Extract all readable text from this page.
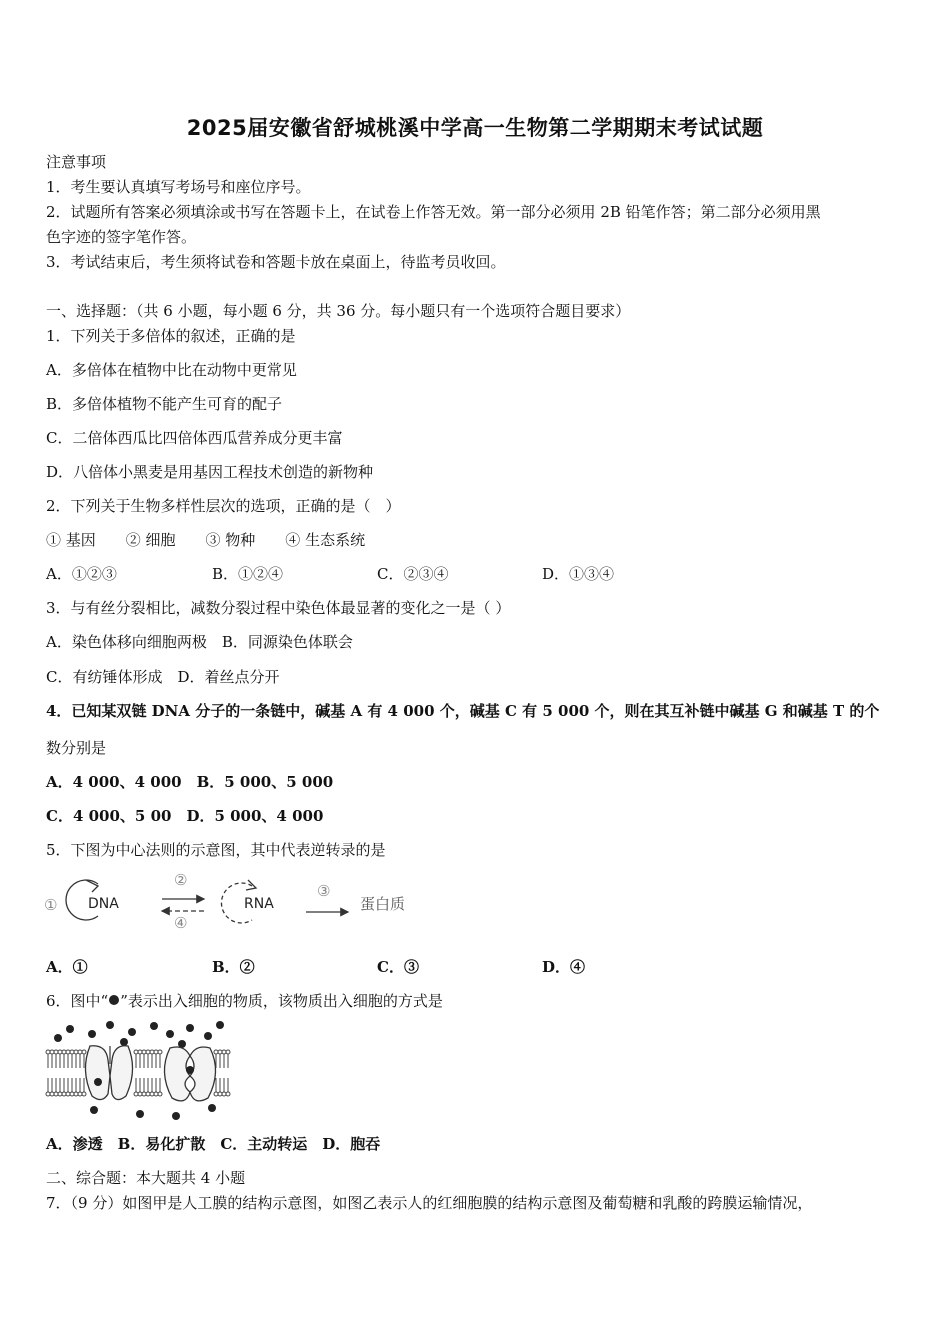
2025届安徽省舒城桃溪中学高一生物第二学期期末考试试题
注意事项
1．考生要认真填写考场号和座位序号。
2．试题所有答案必须填涂或书写在答题卡上，在试卷上作答无效。第一部分必须用 2B 铅笔作答；第二部分必须用黑
色字迹的签字笔作答。
3．考试结束后，考生须将试卷和答题卡放在桌面上，待监考员收回。
一、选择题：（共 6 小题，每小题 6 分，共 36 分。每小题只有一个选项符合题目要求）
1．下列关于多倍体的叙述，正确的是
A．多倍体在植物中比在动物中更常见
B．多倍体植物不能产生可育的配子
C．二倍体西瓜比四倍体西瓜营养成分更丰富
D．八倍体小黑麦是用基因工程技术创造的新物种
2．下列关于生物多样性层次的选项，正确的是（　）
① 基因　　② 细胞　　③ 物种　　④ 生态系统
A．①②③	B．①②④	C．②③④	D．①③④
3．与有丝分裂相比，减数分裂过程中染色体最显著的变化之一是（ ）
A．染色体移向细胞两极　B．同源染色体联会
C．有纺锤体形成　D．着丝点分开
4．已知某双链 DNA 分子的一条链中，碱基 A 有 4 000 个，碱基 C 有 5 000 个，则在其互补链中碱基 G 和碱基 T 的个
数分别是
A．4 000、4 000　B．5 000、5 000
C．4 000、5 00　D．5 000、4 000
5．下图为中心法则的示意图，其中代表逆转录的是
① DNA
②
④
RNA
③
蛋白质
A．①	B．②	C．③	D．④
6．图中“ ”表示出入细胞的物质，该物质出入细胞的方式是
A．渗透　B．易化扩散　C．主动转运　D．胞吞
二、综合题：本大题共 4 小题
7．（9 分）如图甲是人工膜的结构示意图，如图乙表示人的红细胞膜的结构示意图及葡萄糖和乳酸的跨膜运输情况，
